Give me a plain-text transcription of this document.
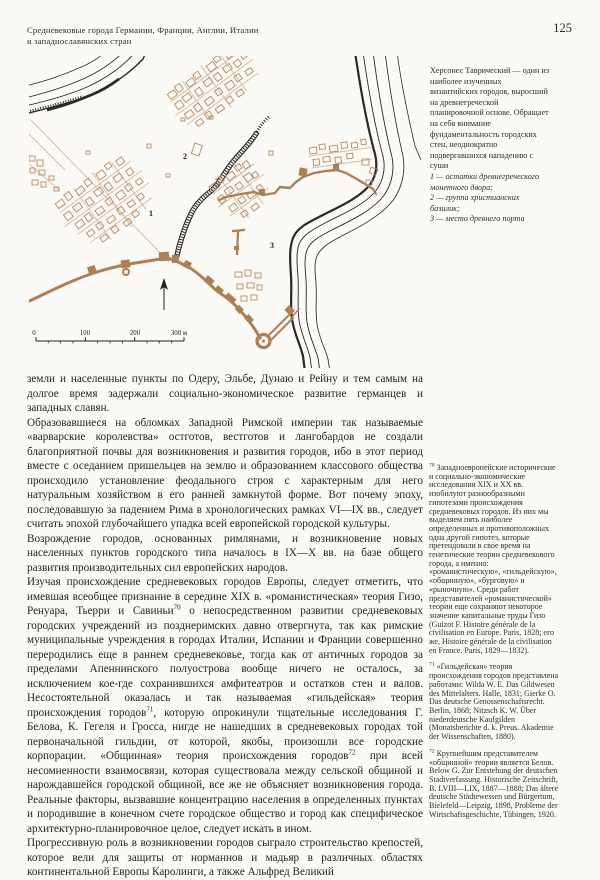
Средневековые города Германии, Франции, Англии, Италии
и западнославянских стран
125
1
2
3
0	100	200	300 м
Херсонес Таврический — один из наиболее изученных византийских городов, выросший на древнегреческой планировочной основе. Обращает на себя внимание фундаментальность городских стен, неоднократно подвергавшихся нападению с суши
1 — остатки древнегреческого монетного двора;
2 — группа христианских базилик;
3 — место древнего порта

земли и населенные пункты по Одеру, Эльбе, Дунаю и Рейну и тем самым на долгое время задержали социально-экономическое развитие германцев и западных славян.

Образовавшиеся на обломках Западной Римской империи так называемые «варварские королевства» остготов, вестготов и лангобардов не создали благоприятной почвы для возникновения и развития городов, ибо в этот период вместе с оседанием пришельцев на землю и образованием классового общества происходило установление феодального строя с характерным для него натуральным хозяйством в его ранней замкнутой форме. Вот почему эпоху, последовавшую за падением Рима в хронологических рамках VI—IX вв., следует считать эпохой глубочайшего упадка всей европейской городской культуры.

Возрождение городов, основанных римлянами, и возникновение новых населенных пунктов городского типа началось в IX—X вв. на базе общего развития производительных сил европейских народов.

Изучая происхождение средневековых городов Европы, следует отметить, что имевшая всеобщее признание в середине XIX в. «романистическая» теория Гизо, Ренуара, Тьерри и Савиньи$^{70}$ о непосредственном развитии средневековых городских учреждений из позднеримских давно отвергнута, так как римские муниципальные учреждения в городах Италии, Испании и Франции совершенно переродились еще в раннем средневековье, тогда как от античных городов за пределами Апеннинского полуострова вообще ничего не осталось, за исключением кое-где сохранившихся амфитеатров и остатков стен и валов. Несостоятельной оказалась и так называемая «гильдейская» теория происхождения городов$^{71}$, которую опрокинули тщательные исследования Г. Белова, К. Гегеля и Гросса, нигде не нашедших в средневековых городах той первоначальной гильдии, от которой, якобы, произошли все городские корпорации. «Общинная» теория происхождения городов$^{72}$ при всей несомненности взаимосвязи, которая существовала между сельской общиной и нарождавшейся городской общиной, все же не объясняет возникновения города. Реальные факторы, вызвавшие концентрацию населения в определенных пунктах и породившие в конечном счете городское общество и город как специфическое архитектурно-планировочное целое, следует искать в ином.

Прогрессивную роль в возникновении городов сыграло строительство крепостей, которое вели для защиты от норманнов и мадьяр в различных областях континентальной Европы Каролинги, а также Альфред Великий

$^{70}$ Западноевропейские исторические и социально-экономические исследования XIX и XX вв. изобилуют разнообразными гипотезами происхождения средневековых городов. Из них мы выделяем пять наиболее определенных и противоположных одна другой гипотез, которые претендовали в свое время на генетические теории средневекового города, а именно: «романистическую», «гильдейскую», «общинную», «бурговую» и «рыночную». Среди работ представителей «романистической» теории еще сохраняют некоторое значение капитальные труды Гизо (Guizot F. Histoire générale de la civilisation en Europe. Paris, 1828; его же, Histoire générale de la civilisation en France. Paris, 1829—1832).

$^{71}$ «Гильдейская» теория происхождения городов представлена работами: Wilda W. E. Das Gildwesen des Mittelalters. Halle, 1831; Gierke O. Das deutsche Genossenschaftsrecht. Berlin, 1868; Nitzsch K. W. Über niederdeutsche Kaufgilden (Monatsberichte d. k. Preus. Akademie der Wissenschaften, 1880).

$^{72}$ Крупнейшим представителем «общинной» теории является Белов. Below G. Zur Entstehung der deutschen Stadtverfassung. Historische Zeitschrift, B. LVIII—LIX, 1887—1888; Das ältere deutsche Städtewessen und Bürgertum, Bielefeld—Leipzig, 1898, Probleme der Wirtschaftsgeschichte, Tübingen, 1920.
